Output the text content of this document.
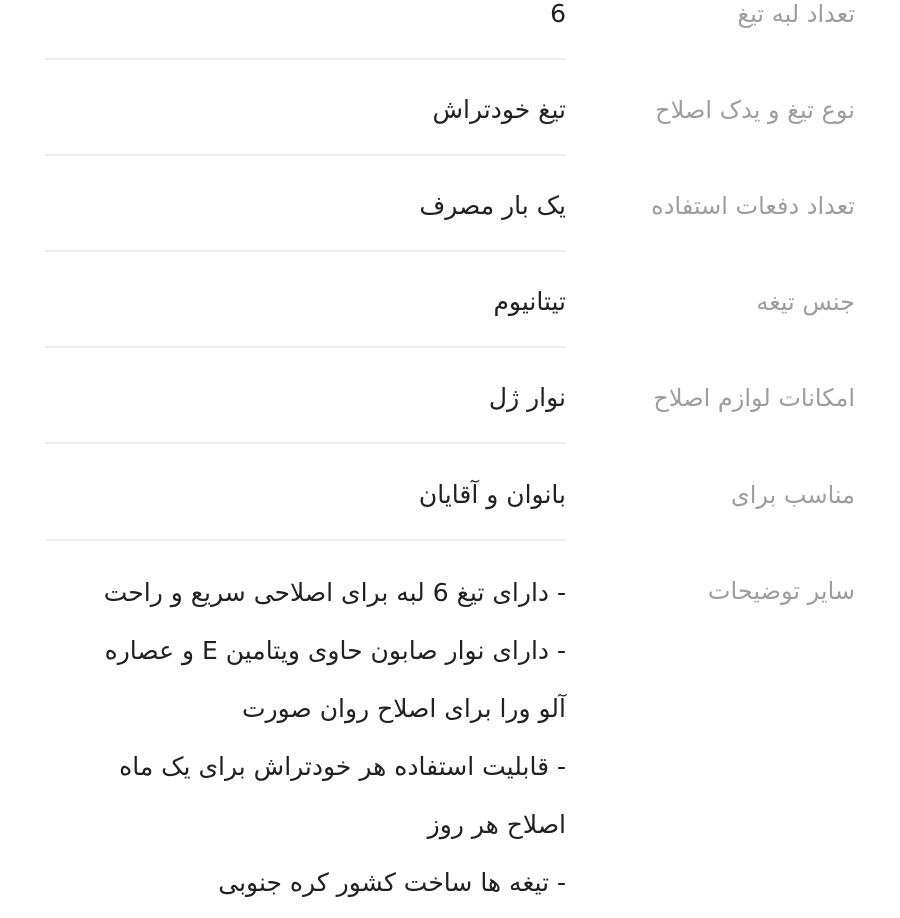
تعداد لبه تیغ
6
نوع تیغ و یدک اصلاح
تیغ خودتراش
تعداد دفعات استفاده
یک بار مصرف
جنس تیغه
تیتانیوم
امکانات لوازم اصلاح
نوار ژل
مناسب برای
بانوان و آقایان
سایر توضیحات
- دارای تیغ 6 لبه برای اصلاحی سریع و راحت
- دارای نوار صابون حاوی ویتامین E و عصاره
آلو ورا برای اصلاح روان صورت
- قابلیت استفاده هر خودتراش برای یک ماه
اصلاح هر روز
- تیغه ها ساخت کشور کره جنوبی
